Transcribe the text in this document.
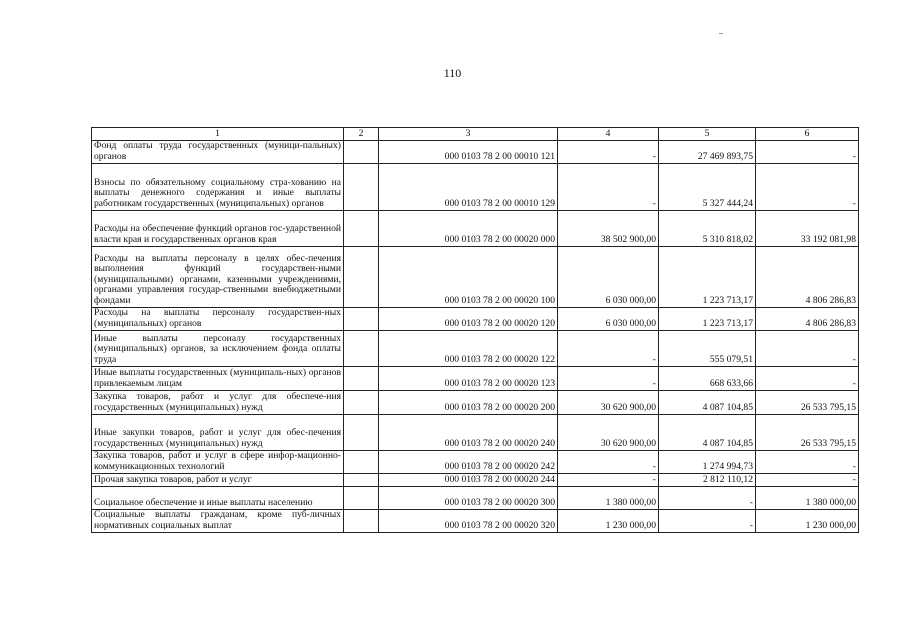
110
1	2	3	4	5	6
Фонд оплаты труда государственных (муници-пальных) органов		000 0103 78 2 00 00010 121	-	27 469 893,75	-
Взносы по обязательному социальному стра-хованию на выплаты денежного содержания и иные выплаты работникам государственных (муниципальных) органов		000 0103 78 2 00 00010 129	-	5 327 444,24	-
Расходы на обеспечение функций органов гос-ударственной власти края и государственных органов края		000 0103 78 2 00 00020 000	38 502 900,00	5 310 818,02	33 192 081,98
Расходы на выплаты персоналу в целях обес-печения выполнения функций государствен-ными (муниципальными) органами, казенными учреждениями, органами управления государ-ственными внебюджетными фондами		000 0103 78 2 00 00020 100	6 030 000,00	1 223 713,17	4 806 286,83
Расходы на выплаты персоналу государствен-ных (муниципальных) органов		000 0103 78 2 00 00020 120	6 030 000,00	1 223 713,17	4 806 286,83
Иные выплаты персоналу государственных (муниципальных) органов, за исключением фонда оплаты труда		000 0103 78 2 00 00020 122	-	555 079,51	-
Иные выплаты государственных (муниципаль-ных) органов привлекаемым лицам		000 0103 78 2 00 00020 123	-	668 633,66	-
Закупка товаров, работ и услуг для обеспече-ния государственных (муниципальных) нужд		000 0103 78 2 00 00020 200	30 620 900,00	4 087 104,85	26 533 795,15
Иные закупки товаров, работ и услуг для обес-печения государственных (муниципальных) нужд		000 0103 78 2 00 00020 240	30 620 900,00	4 087 104,85	26 533 795,15
Закупка товаров, работ и услуг в сфере инфор-мационно-коммуникационных технологий		000 0103 78 2 00 00020 242	-	1 274 994,73	-
Прочая закупка товаров, работ и услуг		000 0103 78 2 00 00020 244	-	2 812 110,12	-
Социальное обеспечение и иные выплаты населению		000 0103 78 2 00 00020 300	1 380 000,00	-	1 380 000,00
Социальные выплаты гражданам, кроме пуб-личных нормативных социальных выплат		000 0103 78 2 00 00020 320	1 230 000,00	-	1 230 000,00
